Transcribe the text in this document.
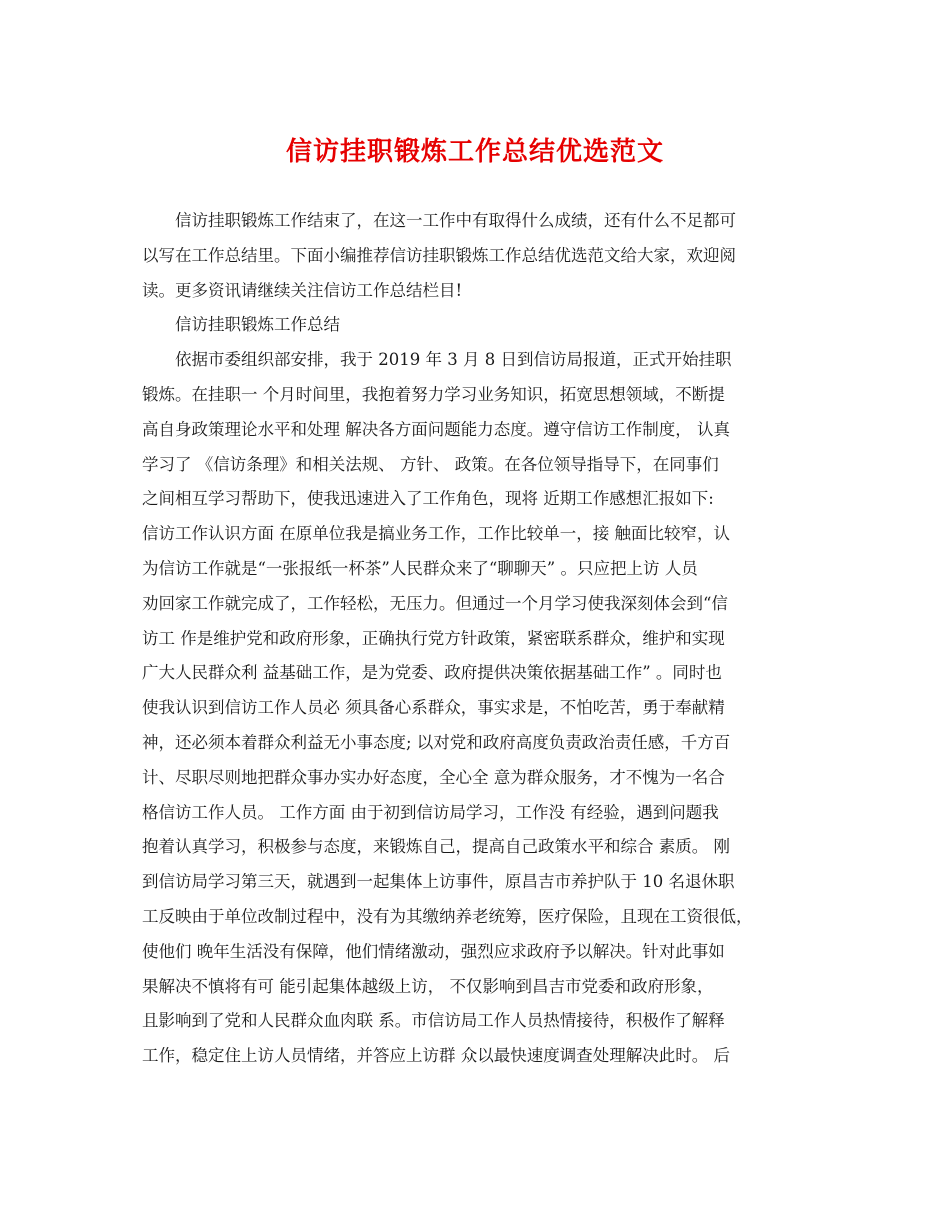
信访挂职锻炼工作总结优选范文
信访挂职锻炼工作结束了，在这一工作中有取得什么成绩，还有什么不足都可
以写在工作总结里。下面小编推荐信访挂职锻炼工作总结优选范文给大家，欢迎阅
读。更多资讯请继续关注信访工作总结栏目!
信访挂职锻炼工作总结
依据市委组织部安排，我于 2019 年 3 月 8 日到信访局报道，正式开始挂职
锻炼。在挂职一 个月时间里，我抱着努力学习业务知识，拓宽思想领域，不断提
高自身政策理论水平和处理 解决各方面问题能力态度。遵守信访工作制度， 认真
学习了 《信访条理》和相关法规、 方针、 政策。在各位领导指导下，在同事们
之间相互学习帮助下，使我迅速进入了工作角色，现将 近期工作感想汇报如下:
信访工作认识方面 在原单位我是搞业务工作，工作比较单一，接 触面比较窄，认
为信访工作就是“一张报纸一杯茶”人民群众来了“聊聊天” 。只应把上访 人员
劝回家工作就完成了，工作轻松，无压力。但通过一个月学习使我深刻体会到“信
访工 作是维护党和政府形象，正确执行党方针政策，紧密联系群众，维护和实现
广大人民群众利 益基础工作，是为党委、政府提供决策依据基础工作” 。同时也
使我认识到信访工作人员必 须具备心系群众，事实求是，不怕吃苦，勇于奉献精
神，还必须本着群众利益无小事态度; 以对党和政府高度负责政治责任感，千方百
计、尽职尽则地把群众事办实办好态度，全心全 意为群众服务，才不愧为一名合
格信访工作人员。 工作方面 由于初到信访局学习，工作没 有经验，遇到问题我
抱着认真学习，积极参与态度，来锻炼自己，提高自己政策水平和综合 素质。 刚
到信访局学习第三天，就遇到一起集体上访事件，原昌吉市养护队于 10 名退休职
工反映由于单位改制过程中，没有为其缴纳养老统筹，医疗保险，且现在工资很低，
使他们 晚年生活没有保障，他们情绪激动，强烈应求政府予以解决。针对此事如
果解决不慎将有可 能引起集体越级上访， 不仅影响到昌吉市党委和政府形象，
且影响到了党和人民群众血肉联 系。市信访局工作人员热情接待，积极作了解释
工作，稳定住上访人员情绪，并答应上访群 众以最快速度调查处理解决此时。 后
